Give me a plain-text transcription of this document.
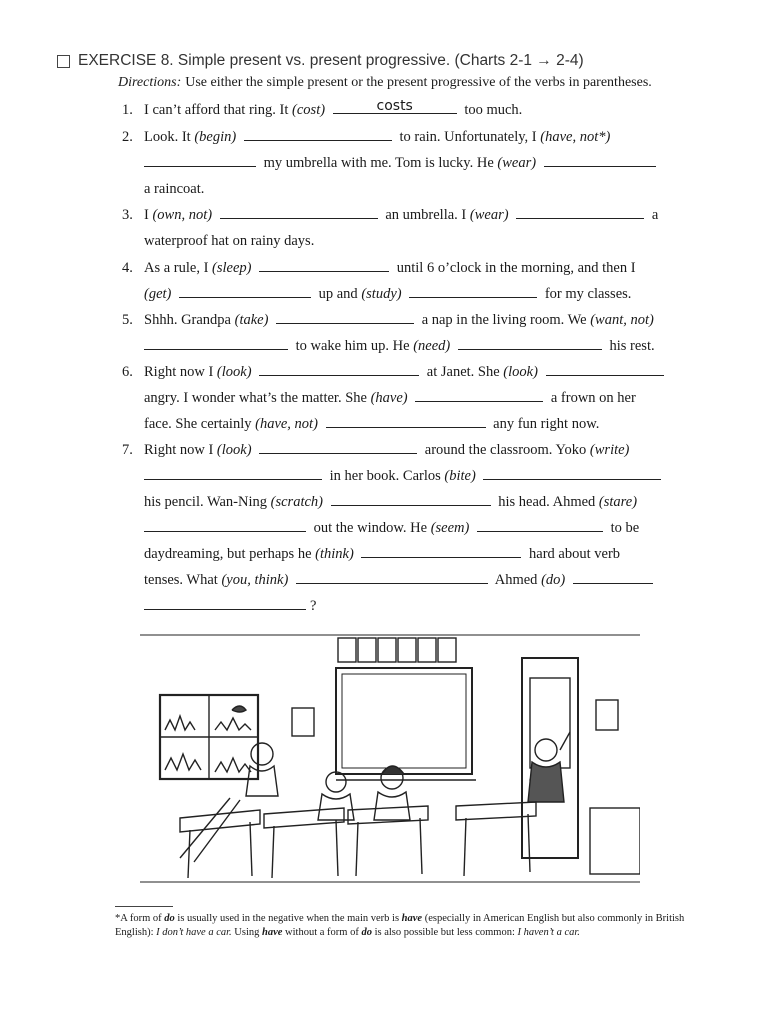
EXERCISE 8. Simple present vs. present progressive. (Charts 2-1 → 2-4)
Directions: Use either the simple present or the present progressive of the verbs in parentheses.
1. I can’t afford that ring. It (cost)	costs	too much.
2. Look. It (begin)	to rain. Unfortunately, I (have, not*)
my umbrella with me. Tom is lucky. He (wear)
a raincoat.
3. I (own, not)	an umbrella. I (wear)	a
waterproof hat on rainy days.
4. As a rule, I (sleep)	until 6 o’clock in the morning, and then I
(get)	up and (study)	for my classes.
5. Shhh. Grandpa (take)	a nap in the living room. We (want, not)
to wake him up. He (need)	his rest.
6. Right now I (look)	at Janet. She (look)
angry. I wonder what’s the matter. She (have)	a frown on her
face. She certainly (have, not)	any fun right now.
7. Right now I (look)	around the classroom. Yoko (write)
in her book. Carlos (bite)
his pencil. Wan-Ning (scratch)	his head. Ahmed (stare)
out the window. He (seem)	to be
daydreaming, but perhaps he (think)	hard about verb
tenses. What (you, think)	Ahmed (do)
?
*A form of do is usually used in the negative when the main verb is have (especially in American English but also commonly in British English): I don’t have a car. Using have without a form of do is also possible but less common: I haven’t a car.
